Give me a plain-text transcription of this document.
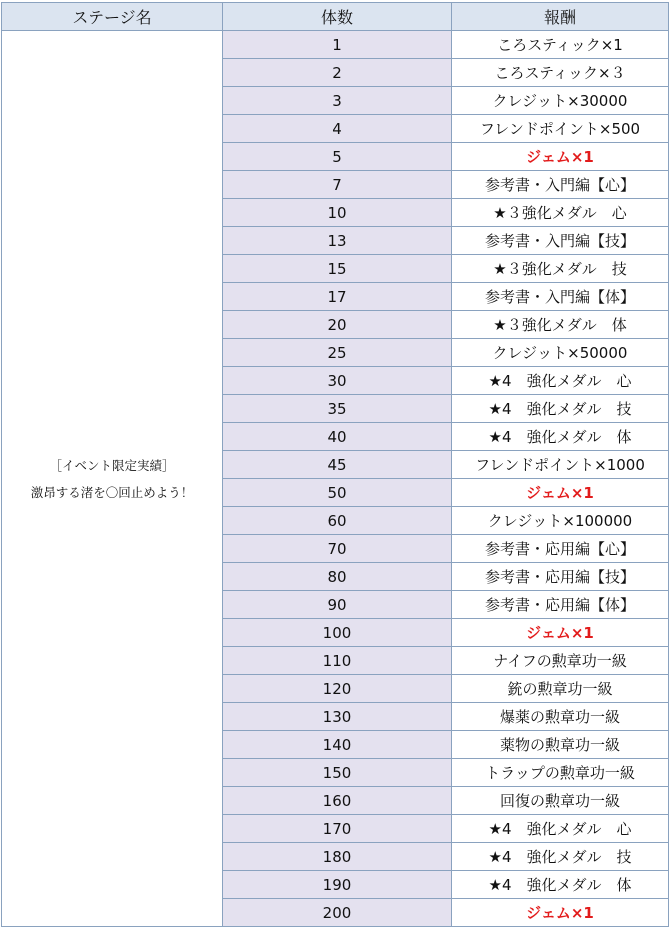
ステージ名	体数	報酬

［イベント限定実績］
激昂する渚を〇回止めよう！	1	ころスティック×1
	2	ころスティック×３
	3	クレジット×30000
	4	フレンドポイント×500
	5	ジェム×1
	7	参考書・入門編【心】
	10	★３強化メダル　心
	13	参考書・入門編【技】
	15	★３強化メダル　技
	17	参考書・入門編【体】
	20	★３強化メダル　体
	25	クレジット×50000
	30	★4　強化メダル　心
	35	★4　強化メダル　技
	40	★4　強化メダル　体
	45	フレンドポイント×1000
	50	ジェム×1
	60	クレジット×100000
	70	参考書・応用編【心】
	80	参考書・応用編【技】
	90	参考書・応用編【体】
	100	ジェム×1
	110	ナイフの勲章功一級
	120	銃の勲章功一級
	130	爆薬の勲章功一級
	140	薬物の勲章功一級
	150	トラップの勲章功一級
	160	回復の勲章功一級
	170	★4　強化メダル　心
	180	★4　強化メダル　技
	190	★4　強化メダル　体
	200	ジェム×1
